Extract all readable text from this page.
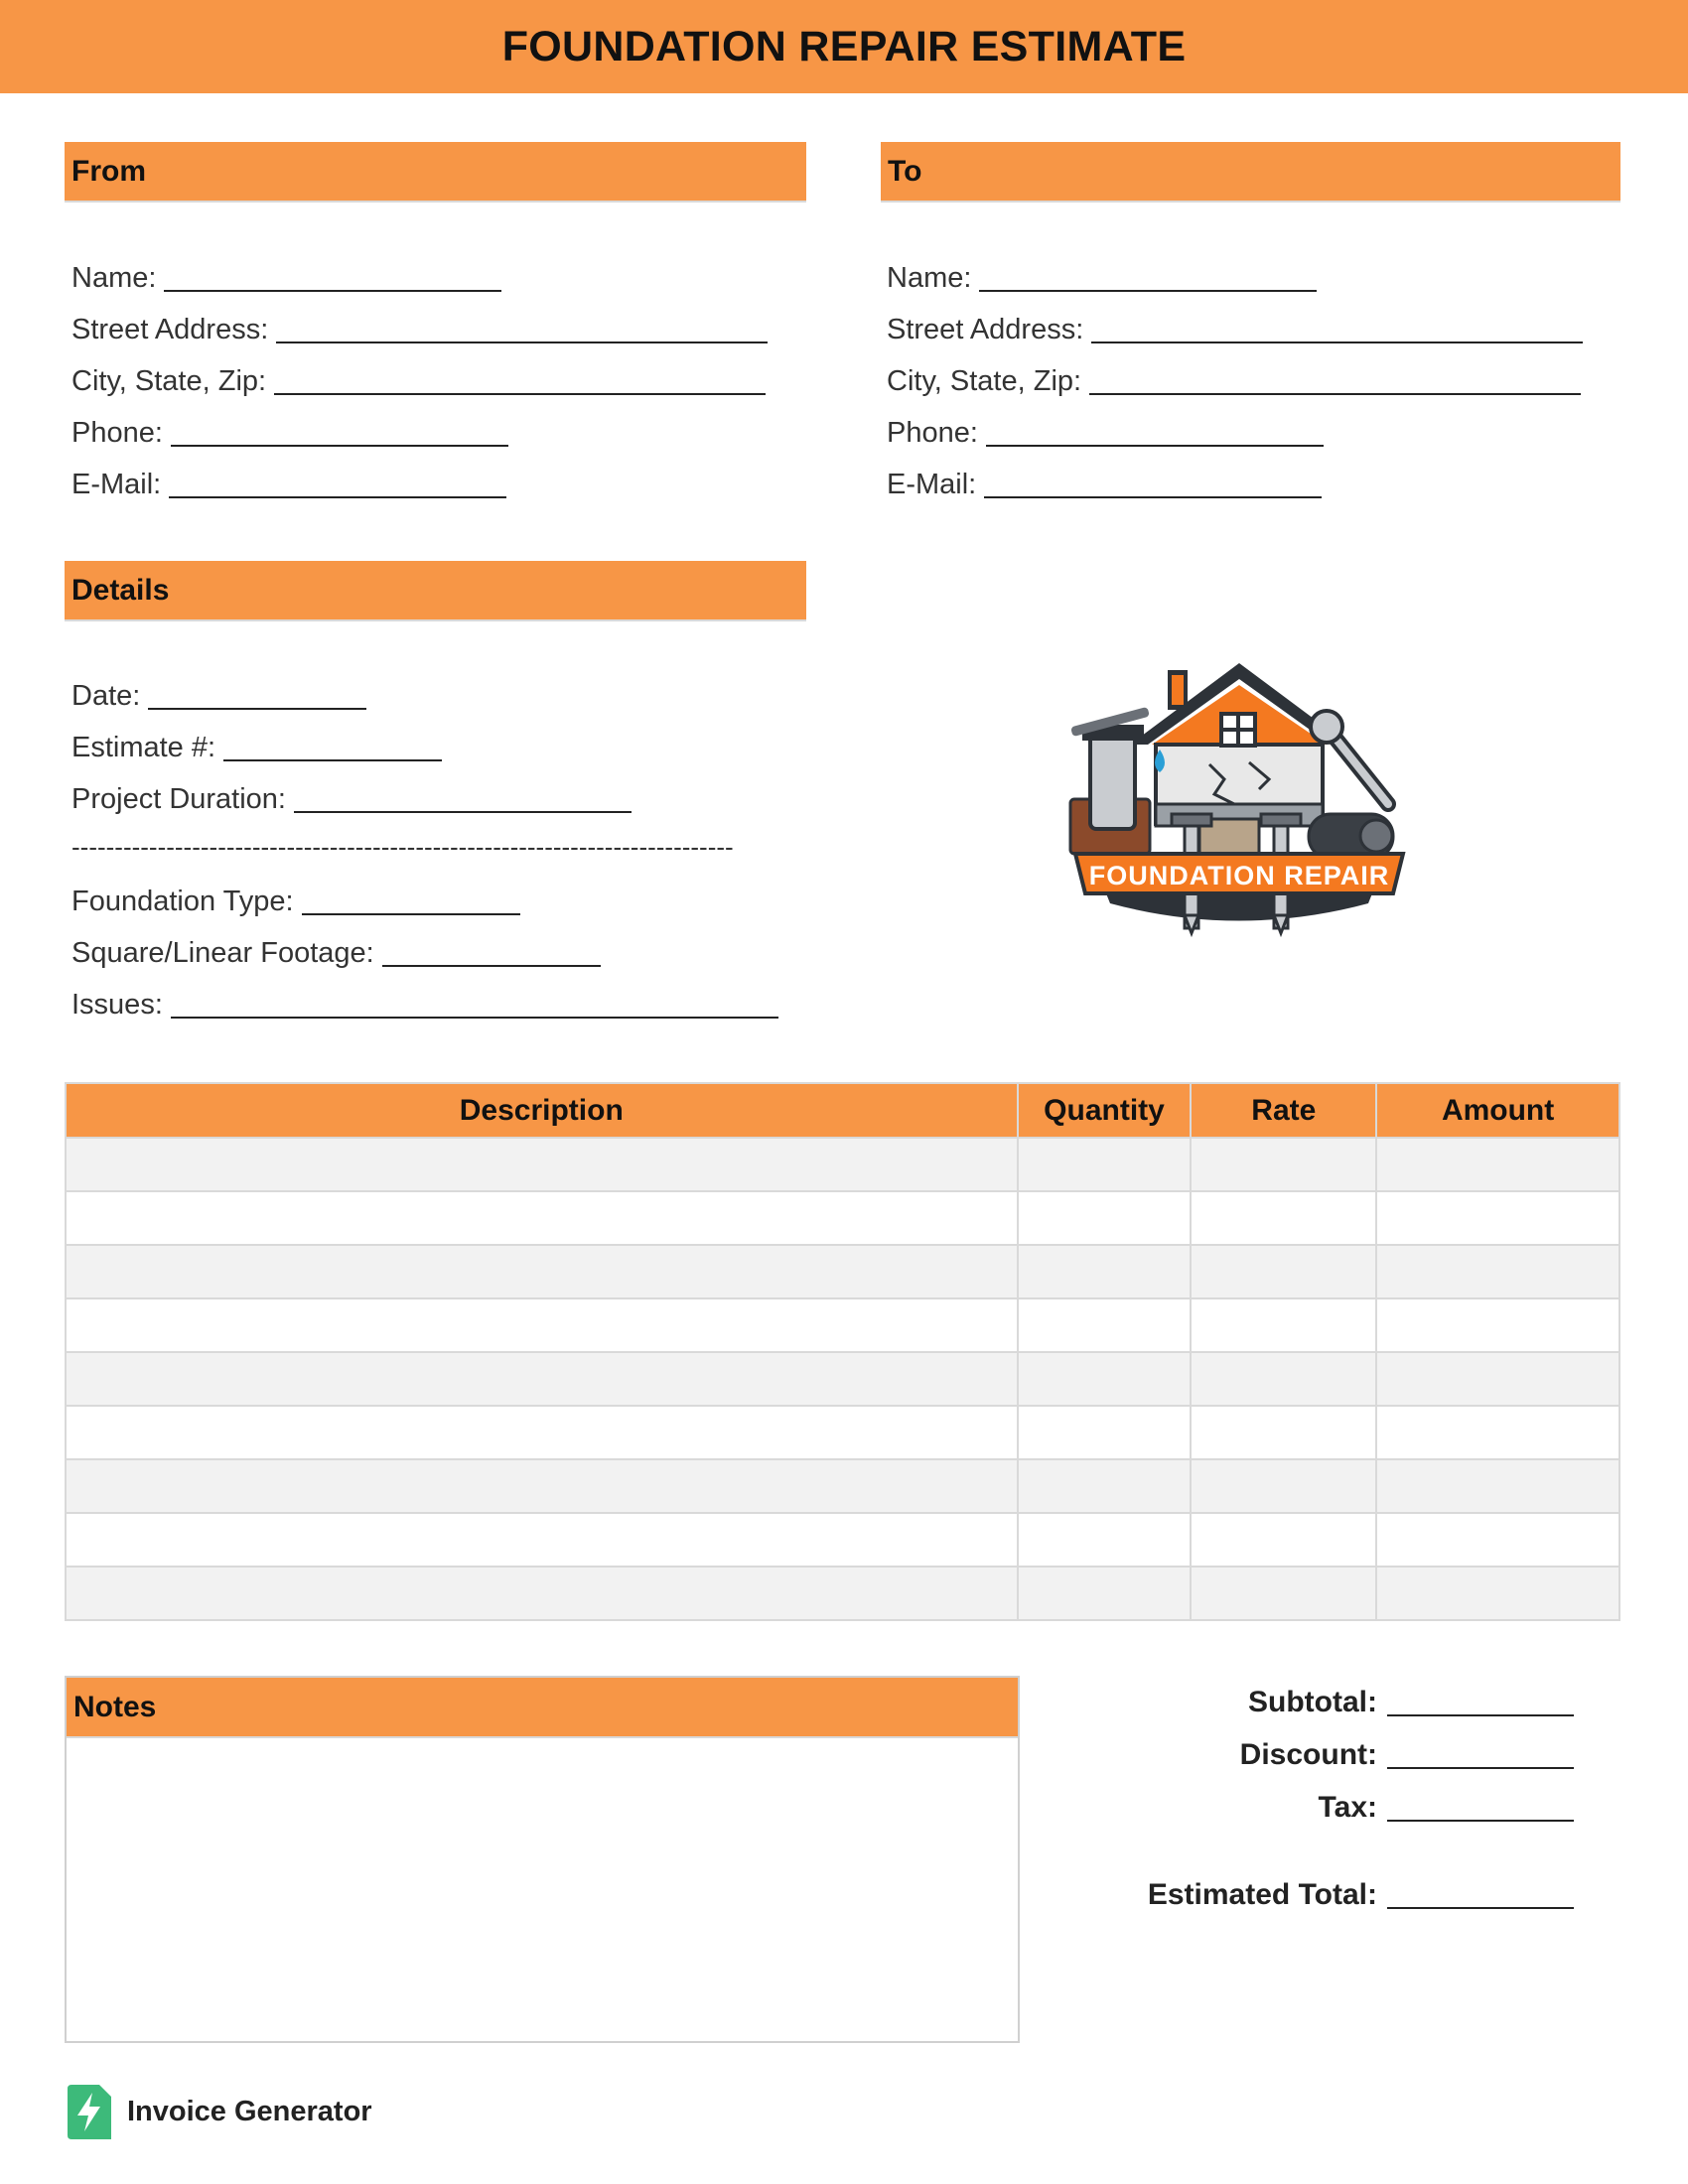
FOUNDATION REPAIR ESTIMATE
From
Name:
Street Address:
City, State, Zip:
Phone:
E-Mail:
To
Name:
Street Address:
City, State, Zip:
Phone:
E-Mail:
Details
Date:
Estimate #:
Project Duration:
-----------------------------------------------------------------------------
Foundation Type:
Square/Linear Footage:
Issues:
FOUNDATION REPAIR
Description	Quantity	Rate	Amount

Notes	Subtotal:
Discount:
Tax:
Estimated Total:
Invoice Generator
